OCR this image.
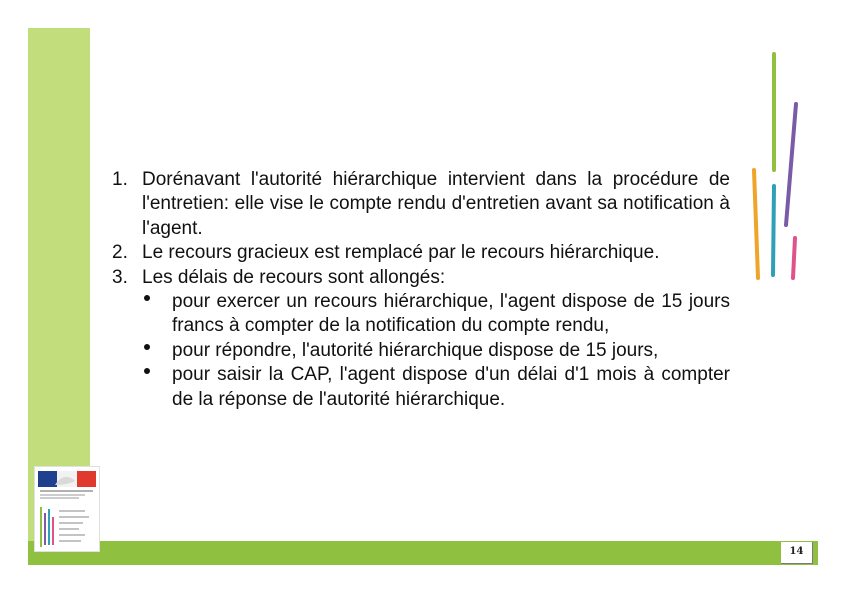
14
1. Dorénavant l'autorité hiérarchique intervient dans la procédure de l'entretien: elle vise le compte rendu d'entretien avant sa notification à l'agent.
2. Le recours gracieux est remplacé par le recours hiérarchique.
3. Les délais de recours sont allongés:
pour exercer un recours hiérarchique, l'agent dispose de 15 jours francs à compter de la notification du compte rendu,
pour répondre, l'autorité hiérarchique dispose de 15 jours,
pour saisir la CAP, l'agent dispose d'un délai d'1 mois à compter de la réponse de l'autorité hiérarchique.
